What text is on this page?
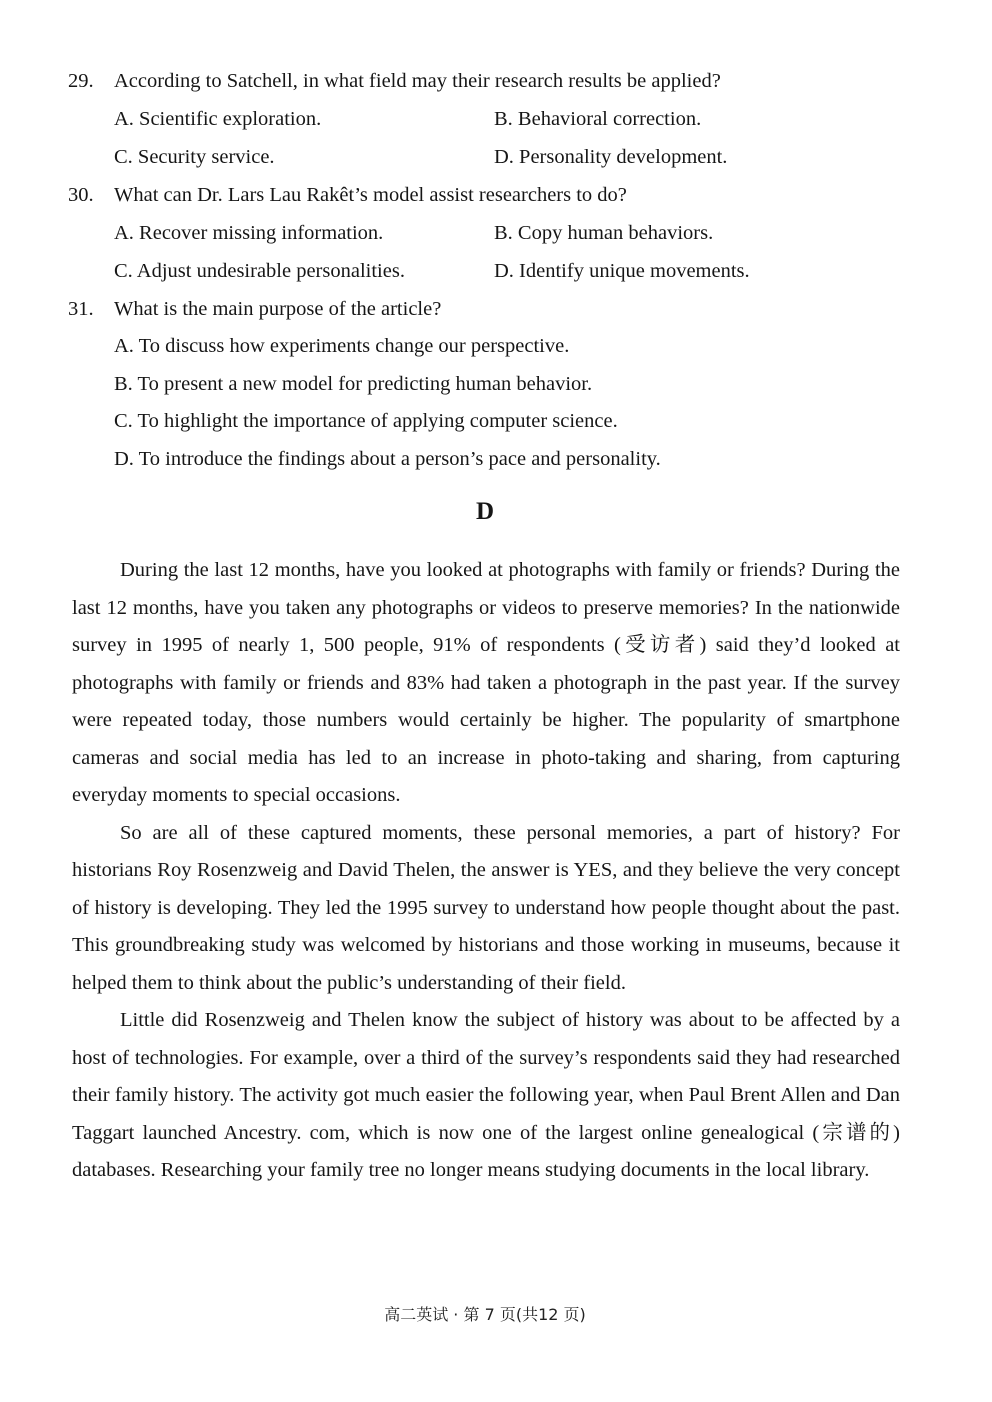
29. According to Satchell, in what field may their research results be applied?
A. Scientific exploration.	B. Behavioral correction.
C. Security service.	D. Personality development.
30. What can Dr. Lars Lau Rakêt’s model assist researchers to do?
A. Recover missing information.	B. Copy human behaviors.
C. Adjust undesirable personalities.	D. Identify unique movements.
31. What is the main purpose of the article?
A. To discuss how experiments change our perspective.
B. To present a new model for predicting human behavior.
C. To highlight the importance of applying computer science.
D. To introduce the findings about a person’s pace and personality.
D

During the last 12 months, have you looked at photographs with family or friends? During the last 12 months, have you taken any photographs or videos to preserve memories? In the nationwide survey in 1995 of nearly 1, 500 people, 91% of respondents (受访者) said they’d looked at photographs with family or friends and 83% had taken a photograph in the past year. If the survey were repeated today, those numbers would certainly be higher. The popularity of smartphone cameras and social media has led to an increase in photo-taking and sharing, from capturing everyday moments to special occasions.

So are all of these captured moments, these personal memories, a part of history? For historians Roy Rosenzweig and David Thelen, the answer is YES, and they believe the very concept of history is developing. They led the 1995 survey to understand how people thought about the past. This groundbreaking study was welcomed by historians and those working in museums, because it helped them to think about the public’s understanding of their field.

Little did Rosenzweig and Thelen know the subject of history was about to be affected by a host of technologies. For example, over a third of the survey’s respondents said they had researched their family history. The activity got much easier the following year, when Paul Brent Allen and Dan Taggart launched Ancestry. com, which is now one of the largest online genealogical (宗谱的) databases. Researching your family tree no longer means studying documents in the local library.

高二英试 · 第 7 页(共12 页)
